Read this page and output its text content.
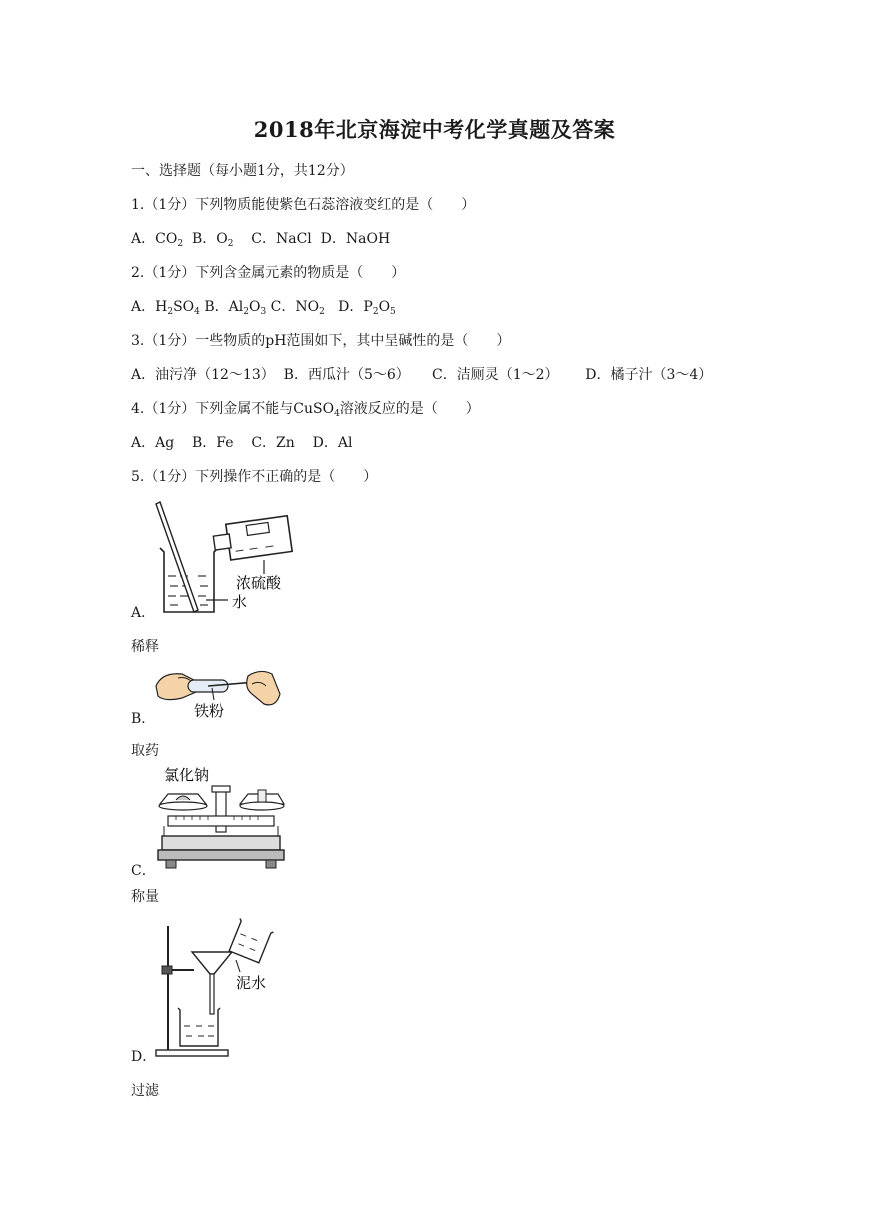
2018年北京海淀中考化学真题及答案
一、选择题（每小题1分，共12分）
1.（1分）下列物质能使紫色石蕊溶液变红的是（　　）
A．$CO_2$ B．$O_2$ C．NaCl D．NaOH
2.（1分）下列含金属元素的物质是（　　）
A．$H_2SO_4$ B．$Al_2O_3$ C．$NO_2$ D．$P_2O_5$
3.（1分）一些物质的pH范围如下，其中呈碱性的是（　　）
A．油污净（12～13） B．西瓜汁（5～6） C．洁厕灵（1～2） D．橘子汁（3～4）
4.（1分）下列金属不能与CuSO$_4$溶液反应的是（　　）
A．Ag B．Fe C．Zn D．Al
5.（1分）下列操作不正确的是（　　）
浓硫酸
水
A．
稀释
铁粉
B．
取药
氯化钠
C．
称量
泥水
D．
过滤
